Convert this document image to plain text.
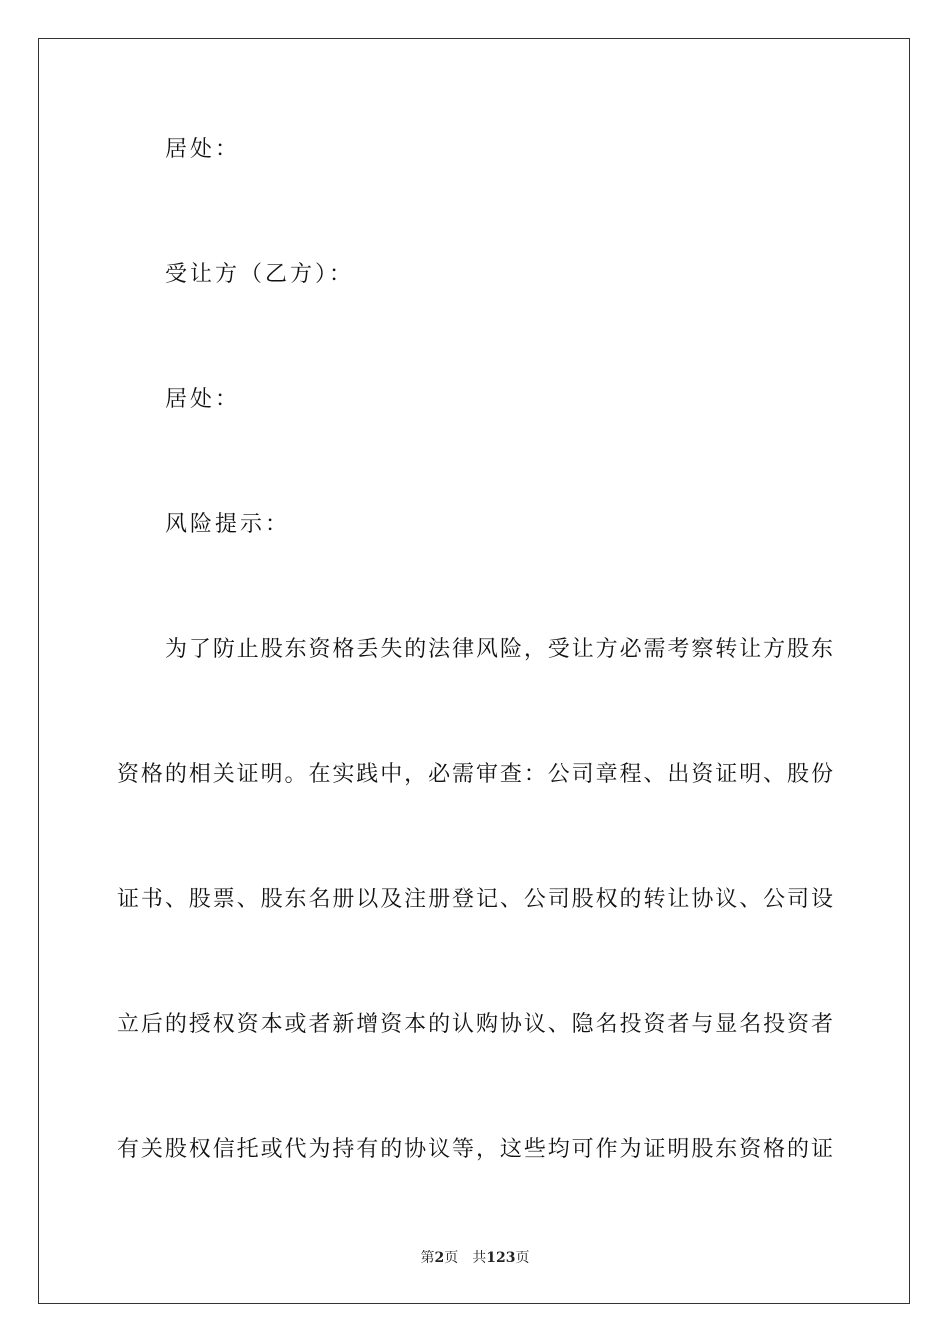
居处：
受让方（乙方）：
居处：
风险提示：
为了防止股东资格丢失的法律风险，受让方必需考察转让方股东
资格的相关证明。在实践中，必需审查：公司章程、出资证明、股份
证书、股票、股东名册以及注册登记、公司股权的转让协议、公司设
立后的授权资本或者新增资本的认购协议、隐名投资者与显名投资者
有关股权信托或代为持有的协议等，这些均可作为证明股东资格的证
第2页 共123页
